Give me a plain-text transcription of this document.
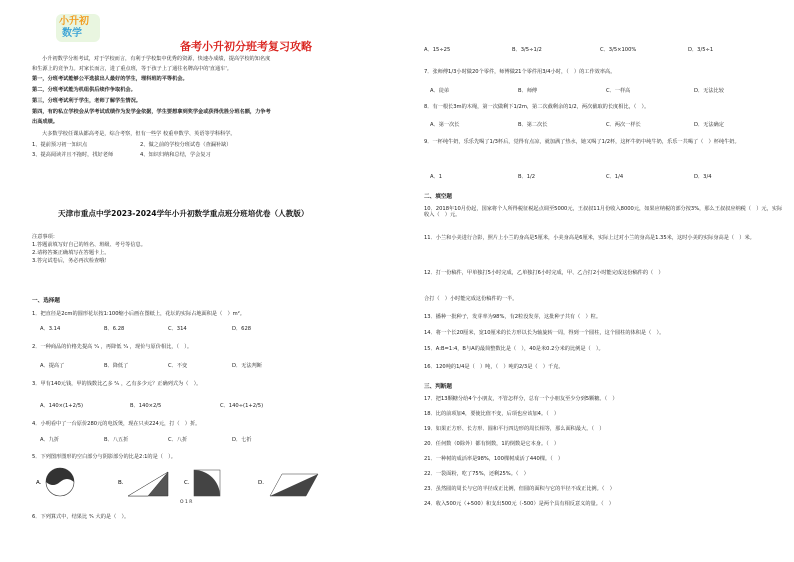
小升初
数学
备考小升初分班考复习攻略
小升初数学分班考试，对于学校而言，有利于学校集中优秀的资源，快速办成绩，提高学校的知名度
和生源上的竞争力。对家长而言，进了重点班，等于孩子上了通往名牌高中的'直通车'。
第一，分班考试能够公平选拔出人最好的学生，理科班的平等机会。
第二，分班考试能为机组供后续作争取机会。
第三，分班考试利于学生，老师了解学生情况。
第四，有的私立学校会从学考试成绩作为发学金依据，学生要想拿到奖学金或获得优胜分班名额，力争考
出高成绩。
大多数学校任课从都高考是，综合考察，但有一些学 校重申数学、英语等学科科学。
1、提前预习初一知识点	2、做之前的学校分班试卷（查漏补缺）
3、提高阅读并且不拖时，找好老师	4、知识归纳和总结，学会复习
天津市重点中学2023-2024学年小升初数学重点班分班培优卷（人教版）
注意事项：
1.答题前填写好自己的姓名、班级、考号等信息。
2.请将答案正确填写在答题卡上。
3.答完试卷后，务必再次检查哦！
一、选择题
1．把直径是2cm的圆形花坛按1:100缩小后画在图纸上，花坛的实际占地面积是（　）m²。
A．3.14	B．6.28	C．314	D．628
2．一种商品的价格先提高 ¹⁄₄ ，再降低 ¹⁄₄ ，现价与原价相比，（　）。
A．提高了	B．降低了	C．不变	D．无法判断
3．甲有140元钱，甲的钱数比乙多 ²⁄₅ ，乙有多少元？正确列式为（　）。
A．140×(1+2/5)	B．140×2/5	C．140÷(1+2/5)
4．小明看中了一台原价280元的电饭煲，现在只卖224元，打（　）折。
A．九折	B．八五折	C．八折	D．七折
5．下列图形图形的空白部分与阴影部分的比是2:1的是（　）。
A．	B．	C．	D．
O 1 R
6．下列算式中，结果比 ³⁄₅ 大的是（　）。
A．15÷25	B．3/5÷1/2	C．3/5×100%	D．3/5÷1
7．张师傅1/3小时做20个零件，师傅做21个零件用3/4小时，（　）的工作效率高。
A．徒弟	B．师傅	C．一样高	D．无法比较
8．有一根长3m的木绳，第一次做剩下1/2m，第二次截剩余的1/2，两次截取的长度相比，（　）。
A．第一次长	B．第二次长	C．两次一样长	D．无法确定
9．一杯纯牛奶，乐乐先喝了1/3杯后，觉得有点凉，就加满了热水，她又喝了1/2杯，这杯牛奶中纯牛奶，乐乐一共喝了（　）杯纯牛奶。
A．1	B．1/2	C．1/4	D．3/4
二、填空题
10．2018年10月份起，国家将个人所得税征税起点调至5000元，王叔叔11月份收入8000元，如果应纳税的部分按3%，那么王叔叔应纳税（　）元，实际收入（　）元。
11．小兰和小美进行合影，照片上小兰的身高是5厘米，小美身高是6厘米，实际上过对小兰的身高是1.35米，这时小美的实际身高是（　）米。
12．打一份稿件，甲单独打5小时完成，乙单独打6小时完成，甲、乙合打2小时能完成这份稿件的（　）
合打（　）小时能完成这份稿件的一半。
13．播种一批种子，发芽率为98%，有2粒没发芽，这批种子共有（　）粒。
14．将一个长20厘米，宽10厘米的长方形以长为轴旋转一周，得到一个圆柱，这个圆柱的体积是（　）。
15．A:B=1:4，B与A的最简整数比是（　），40是米0.2分米的比例是（　）。
16．120吨的1/4是（　）吨，（　）吨的2/3是（　）千克。
三、判断题
17．把13颗糖分给4个小朋友，不管怎样分，总有一个小朋友至少分到5颗糖。（　）
18．比的前项加4，要使比值不变，后项也应该加4。（　）
19．如果正方形、长方形、圆和平行四边形的周长相等，那么面积最大。（　）
20．任何数（0除外）都有倒数，1的倒数是它本身。（　）
21．一种树的成活率是98%，100棵树成活了440棵。（　）
22．一袋面粉，吃了75%，还剩25%。（　）
23．虽然圆的周长与它的半径成正比例，但圆的面积与它的半径不成正比例。（　）
24．收入500元（+500）和支出500元（-500）是两个具有相反意义的量。（　）
